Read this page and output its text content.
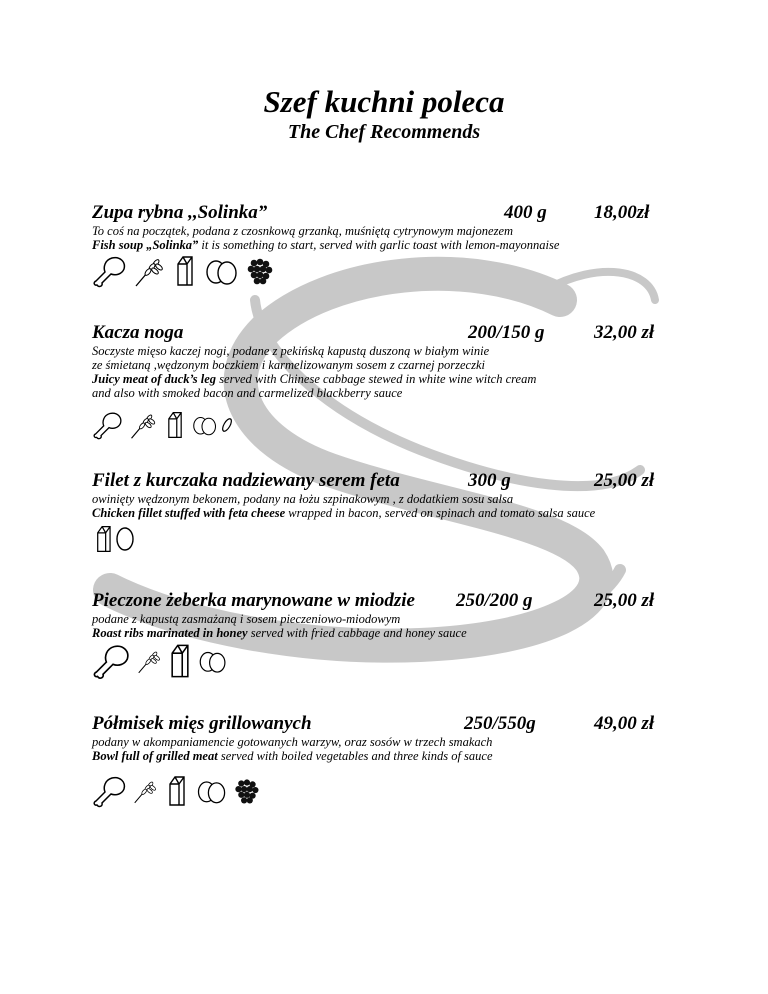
Szef kuchni poleca
The Chef Recommends
Zupa rybna ,,Solinka”	400 g 18,00zł
To coś na początek, podana z czosnkową grzanką, muśniętą cytrynowym majonezem
Fish soup „Solinka” it is something to start, served with garlic toast with lemon-mayonnaise
Kacza noga	200/150 g	32,00 zł
Soczyste mięso kaczej nogi, podane z pekińską kapustą duszoną w białym winie
ze śmietaną ,wędzonym boczkiem i karmelizowanym sosem z czarnej porzeczki
Juicy meat of duck’s leg served with Chinese cabbage stewed in white wine witch cream
and also with smoked bacon and carmelized blackberry sauce
Filet z kurczaka nadziewany serem feta	300 g	25,00 zł
owinięty wędzonym bekonem, podany na łożu szpinakowym , z dodatkiem sosu salsa
Chicken fillet stuffed with feta cheese wrapped in bacon, served on spinach and tomato salsa sauce
Pieczone żeberka marynowane w miodzie 250/200 g	25,00 zł
podane z kapustą zasmażaną i sosem pieczeniowo-miodowym
Roast ribs marinated in honey served with fried cabbage and honey sauce
Półmisek mięs grillowanych	250/550g	49,00 zł
podany w akompaniamencie gotowanych warzyw, oraz sosów w trzech smakach
Bowl full of grilled meat served with boiled vegetables and three kinds of sauce
